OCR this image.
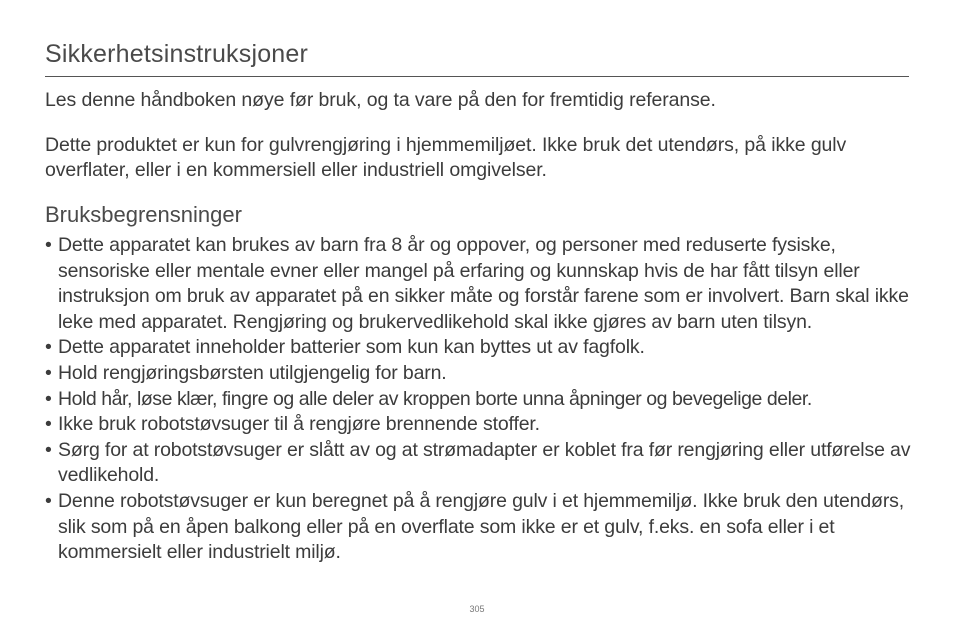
Sikkerhetsinstruksjoner

Les denne håndboken nøye før bruk, og ta vare på den for fremtidig referanse.

Dette produktet er kun for gulvrengjøring i hjemmemiljøet. Ikke bruk det utendørs, på ikke gulv overflater, eller i en kommersiell eller industriell omgivelser.

Bruksbegrensninger
• Dette apparatet kan brukes av barn fra 8 år og oppover, og personer med reduserte fysiske, sensoriske eller mentale evner eller mangel på erfaring og kunnskap hvis de har fått tilsyn eller instruksjon om bruk av apparatet på en sikker måte og forstår farene som er involvert. Barn skal ikke leke med apparatet. Rengjøring og brukervedlikehold skal ikke gjøres av barn uten tilsyn.
• Dette apparatet inneholder batterier som kun kan byttes ut av fagfolk.
• Hold rengjøringsbørsten utilgjengelig for barn.
• Hold hår, løse klær, fingre og alle deler av kroppen borte unna åpninger og bevegelige deler.
• Ikke bruk robotstøvsuger til å rengjøre brennende stoffer.
• Sørg for at robotstøvsuger er slått av og at strømadapter er koblet fra før rengjøring eller utførelse av vedlikehold.
• Denne robotstøvsuger er kun beregnet på å rengjøre gulv i et hjemmemiljø. Ikke bruk den utendørs, slik som på en åpen balkong eller på en overflate som ikke er et gulv, f.eks. en sofa eller i et kommersielt eller industrielt miljø.
305
